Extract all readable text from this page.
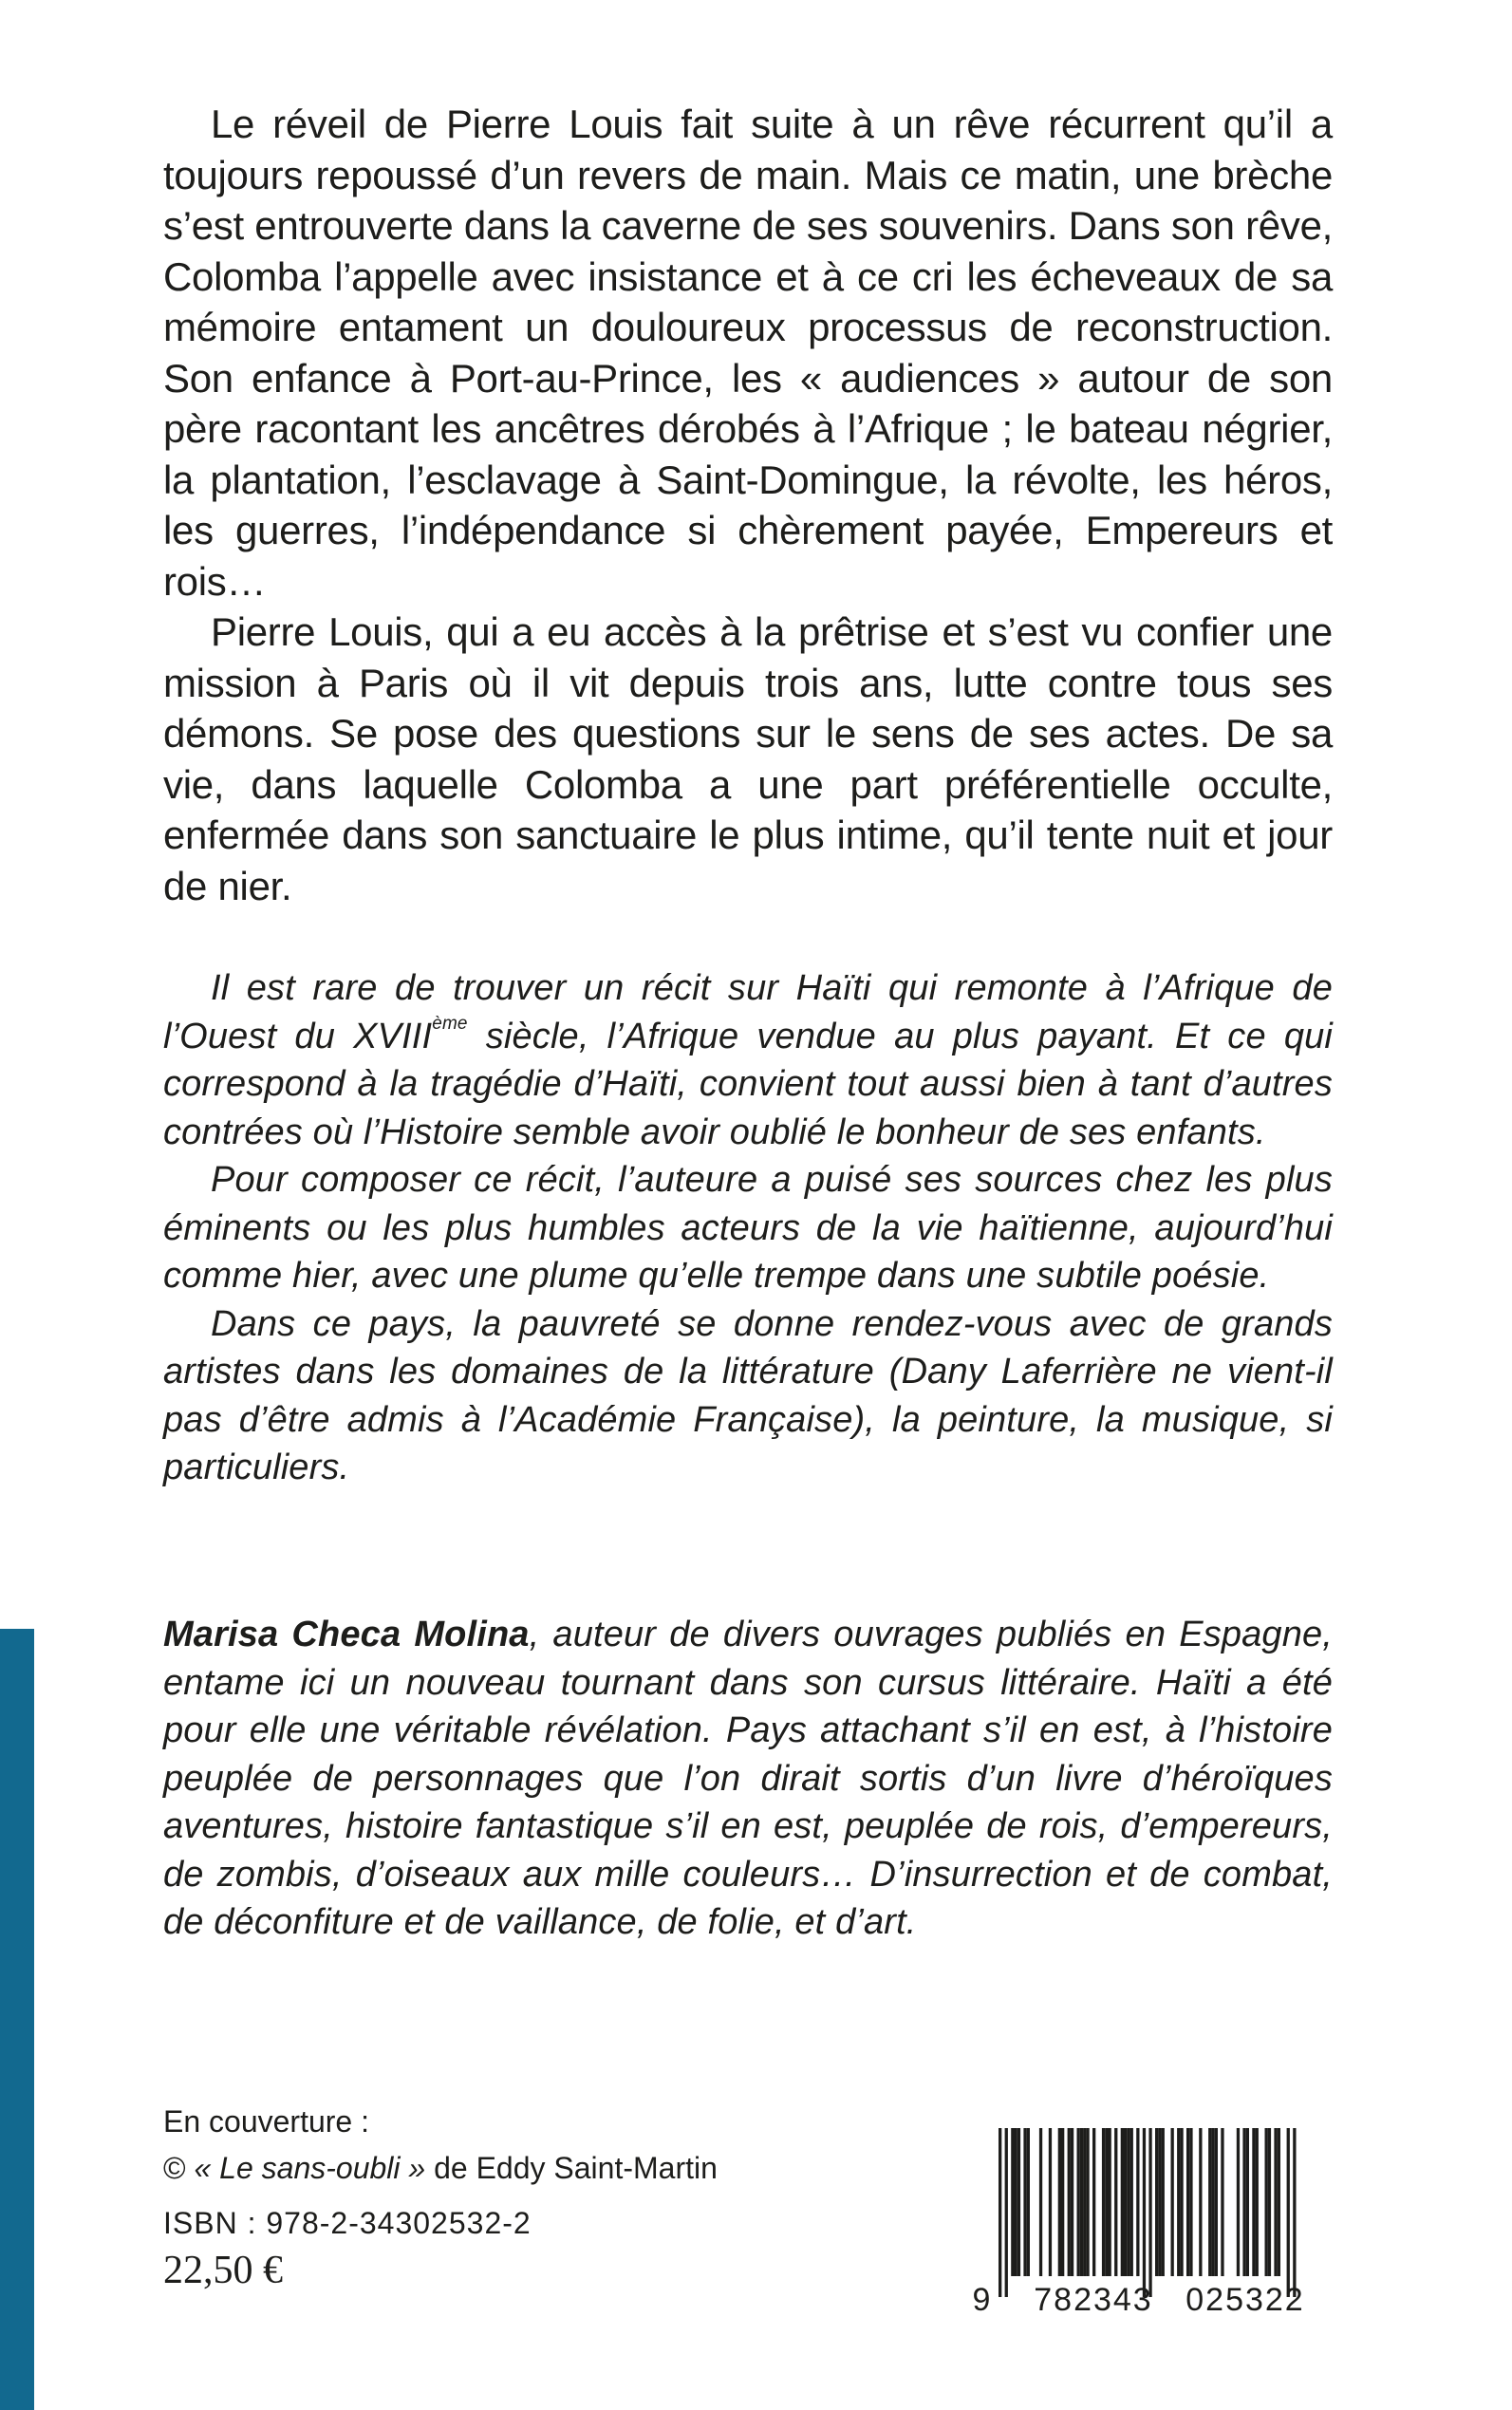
Le réveil de Pierre Louis fait suite à un rêve récurrent qu’il a toujours repoussé d’un revers de main. Mais ce matin, une brèche s’est entrouverte dans la caverne de ses souvenirs. Dans son rêve, Colomba l’appelle avec insistance et à ce cri les écheveaux de sa mémoire entament un douloureux processus de reconstruction. Son enfance à Port-au-Prince, les « audiences » autour de son père racontant les ancêtres dérobés à l’Afrique ; le bateau négrier, la plantation, l’esclavage à Saint-Domingue, la révolte, les héros, les guerres, l’indépendance si chèrement payée, Empereurs et rois…

Pierre Louis, qui a eu accès à la prêtrise et s’est vu confier une mission à Paris où il vit depuis trois ans, lutte contre tous ses démons. Se pose des questions sur le sens de ses actes. De sa vie, dans laquelle Colomba a une part préférentielle occulte, enfermée dans son sanctuaire le plus intime, qu’il tente nuit et jour de nier.

Il est rare de trouver un récit sur Haïti qui remonte à l’Afrique de l’Ouest du XVIIIème siècle, l’Afrique vendue au plus payant. Et ce qui correspond à la tragédie d’Haïti, convient tout aussi bien à tant d’autres contrées où l’Histoire semble avoir oublié le bonheur de ses enfants.

Pour composer ce récit, l’auteure a puisé ses sources chez les plus éminents ou les plus humbles acteurs de la vie haïtienne, aujourd’hui comme hier, avec une plume qu’elle trempe dans une subtile poésie.

Dans ce pays, la pauvreté se donne rendez-vous avec de grands artistes dans les domaines de la littérature (Dany Laferrière ne vient-il pas d’être admis à l’Académie Française), la peinture, la musique, si particuliers.

Marisa Checa Molina, auteur de divers ouvrages publiés en Espagne, entame ici un nouveau tournant dans son cursus littéraire. Haïti a été pour elle une véritable révélation. Pays attachant s’il en est, à l’histoire peuplée de personnages que l’on dirait sortis d’un livre d’héroïques aventures, histoire fantastique s’il en est, peuplée de rois, d’empereurs, de zombis, d’oiseaux aux mille couleurs… D’insurrection et de combat, de déconfiture et de vaillance, de folie, et d’art.

En couverture :
© « Le sans-oubli » de Eddy Saint-Martin
ISBN : 978-2-34302532-2
22,50 €
9 782343 025322
